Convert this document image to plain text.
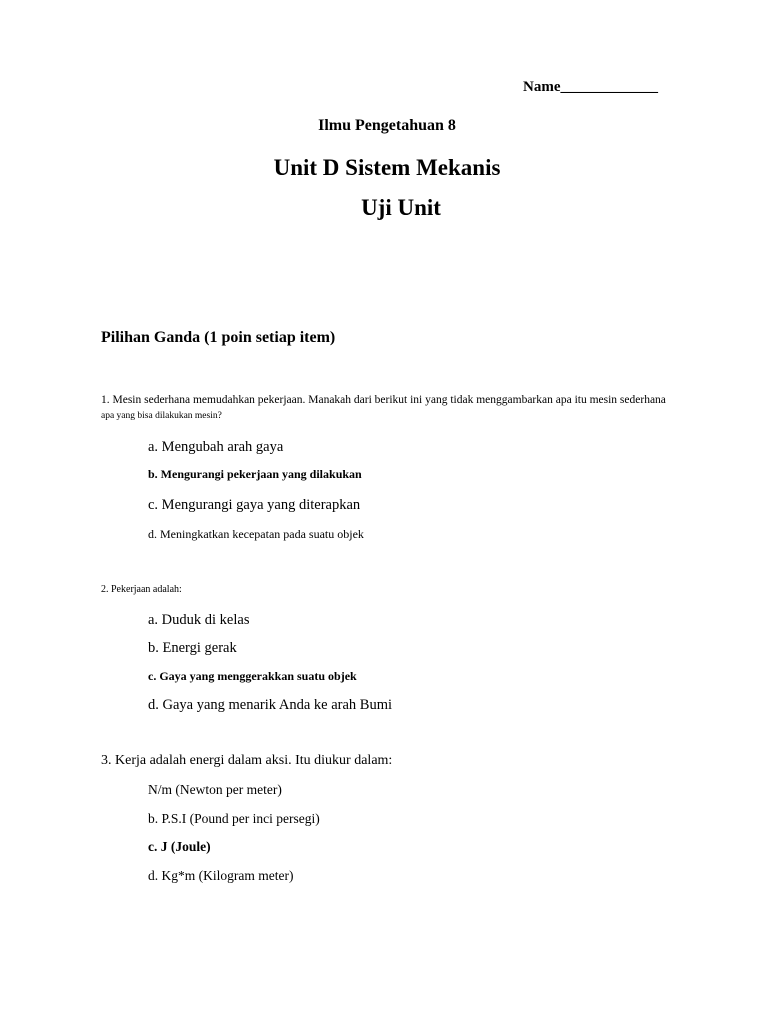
Name_____________
Ilmu Pengetahuan 8
Unit D Sistem Mekanis
Uji Unit
Pilihan Ganda (1 poin setiap item)
1. Mesin sederhana memudahkan pekerjaan. Manakah dari berikut ini yang tidak menggambarkan apa itu mesin sederhana
apa yang bisa dilakukan mesin?
a. Mengubah arah gaya
b. Mengurangi pekerjaan yang dilakukan
c. Mengurangi gaya yang diterapkan
d. Meningkatkan kecepatan pada suatu objek
2. Pekerjaan adalah:
a. Duduk di kelas
b. Energi gerak
c. Gaya yang menggerakkan suatu objek
d. Gaya yang menarik Anda ke arah Bumi
3. Kerja adalah energi dalam aksi. Itu diukur dalam:
N/m (Newton per meter)
b. P.S.I (Pound per inci persegi)
c. J (Joule)
d. Kg*m (Kilogram meter)
